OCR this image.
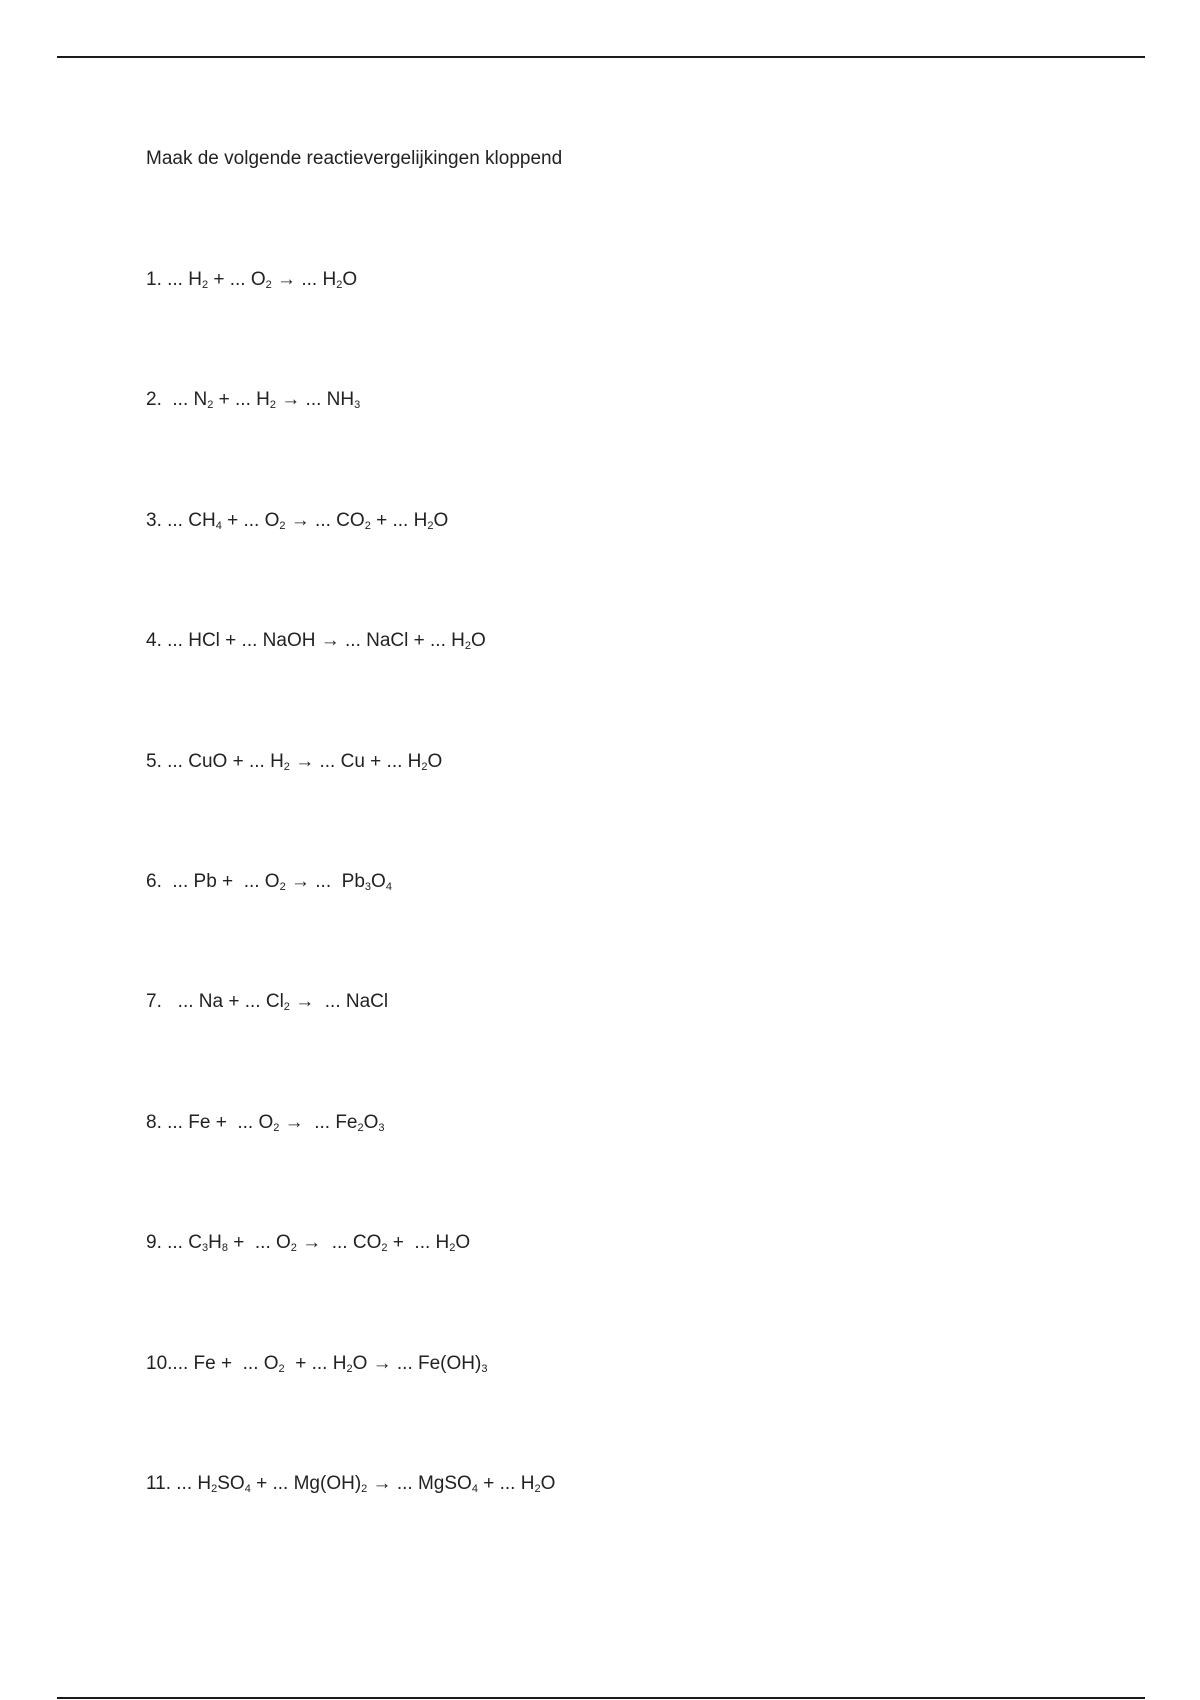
Maak de volgende reactievergelijkingen kloppend
1. ... $H_2$ + ... $O_2$ → ... $H_2O$
2.  ... $N_2$ + ... $H_2$ → ... $NH_3$
3. ... $CH_4$ + ... $O_2$ → ... $CO_2$ + ... $H_2O$
4. ... HCl + ... NaOH → ... NaCl + ... $H_2O$
5. ... CuO + ... $H_2$ → ... Cu + ... $H_2O$
6.  ... Pb +  ... $O_2$ → ...  $Pb_3O_4$
7.   ... Na + ... $Cl_2$ →  ... NaCl
8. ... Fe +  ... $O_2$ →  ... $Fe_2O_3$
9. ... $C_3H_8$ +  ... $O_2$ →  ... $CO_2$ +  ... $H_2O$
10.... Fe +  ... $O_2$  + ... $H_2O$ → ... $Fe(OH)_3$
11. ... $H_2SO_4$ + ... $Mg(OH)_2$ → ... MgSO$_4$ + ... $H_2O$
